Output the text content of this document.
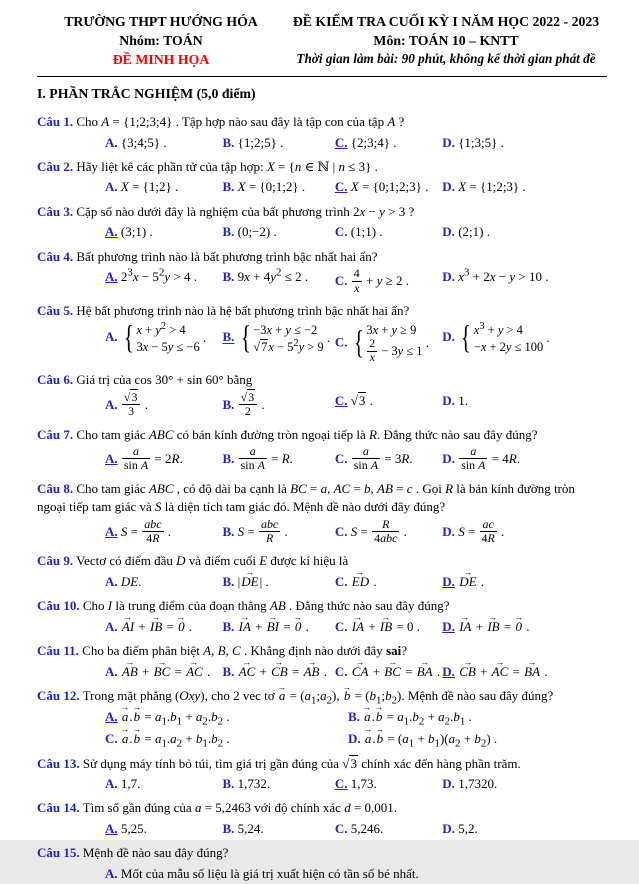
TRƯỜNG THPT HƯỚNG HÓA
Nhóm: TOÁN
ĐỀ MINH HỌA
ĐỀ KIỂM TRA CUỐI KỲ I NĂM HỌC 2022 - 2023
Môn: TOÁN 10 – KNTT
Thời gian làm bài: 90 phút, không kể thời gian phát đề
I. PHẦN TRẮC NGHIỆM (5,0 điểm)
Câu 1. Cho A = {1;2;3;4} . Tập hợp nào sau đây là tập con của tập A ?
A. {3;4;5} .	B. {1;2;5} .	C. {2;3;4} .	D. {1;3;5} .
Câu 2. Hãy liệt kê các phần tử của tập hợp: X = {n ∈ ℕ | n ≤ 3} .
A. X = {1;2} .	B. X = {0;1;2} .	C. X = {0;1;2;3} .	D. X = {1;2;3} .
Câu 3. Cặp số nào dưới đây là nghiệm của bất phương trình 2x − y > 3 ?
A. (3;1) .	B. (0;−2) .	C. (1;1) .	D. (2;1) .
Câu 4. Bất phương trình nào là bất phương trình bậc nhất hai ẩn?
A. $2^3x - 5^2y > 4$ .	B. $9x + 4y^2 \le 2$ .	C. $\frac{4}{x} + y \ge 2$ .	D. $x^3 + 2x - y > 10$ .
Câu 5. Hệ bất phương trình nào là hệ bất phương trình bậc nhất hai ẩn?
A. { $x + y^2 > 4$
3x − 5y ≤ −6
.	B. { −3x + y ≤ −2
$√7x - 5^2y > 9$
. C.
{ 3x + y ≥ 9
$\frac{2}{x} - 3y \le 1$
.	D. { $x^3 + y > 4$
−x + 2y ≤ 100
.
Câu 6. Giá trị của cos 30° + sin 60° bằng
A. $\frac{√3}{3}$ .	B. $\frac{√3}{2}$ .	C. √3 .	D. 1.
Câu 7. Cho tam giác ABC có bán kính đường tròn ngoại tiếp là R. Đẳng thức nào sau đây đúng?
A. $\frac{a}{\text{sin A}} = 2R$.	B. $\frac{a}{\text{sin A}} = R$.	C. $\frac{a}{\text{sin A}} = 3R$.	D. $\frac{a}{\text{sin A}} = 4R$.
Câu 8. Cho tam giác ABC , có độ dài ba cạnh là BC = a, AC = b, AB = c . Gọi R là bán kính đường tròn ngoại tiếp tam giác và S là diện tích tam giác đó. Mệnh đề nào dưới đây đúng?
A. S = abc
4R .	B. S = abc
R .	C. S = R
4abc .	D. $S = \frac{ac}{4R}$ .
Câu 9. Vectơ có điểm đầu D và điểm cuối E được kí hiệu là
A. DE.	B. |DE →| .	C. ED → .	D. DE → .
Câu 10. Cho I là trung điểm của đoạn thẳng AB . Đẳng thức nào sau đây đúng?
A. AI → + IB → = 0 → .	B. IA → + BI → = 0 → .	C. IA → + IB → = 0 .	D. IA → + IB → = 0 → .
Câu 11. Cho ba điểm phân biệt A, B, C . Khẳng định nào dưới đây sai?
A. AB → + BC → = AC → . B. AC → + CB → = AB → . C. CA → + BC → = BA → . D. CB → + AC → = BA → .
Câu 12. Trong mặt phẳng (Oxy), cho 2 vec tơ a → = $(a_1;a_2)$, b → = $(b_1;b_2)$. Mệnh đề nào sau đây đúng?
A. a →.b → = $a_1.b_1 + a_2.b_2$ .	B. a →.b → = $a_1.b_2 + a_2.b_1$ .
C. a →.b → = $a_1.a_2 + b_1.b_2$ .	D. a →.b → = $(a_1 + b_1)(a_2 + b_2)$ .
Câu 13. Sử dụng máy tính bỏ túi, tìm giá trị gần đúng của √3 chính xác đến hàng phần trăm.
A. 1,7.	B. 1,732.	C. 1,73.	D. 1,7320.
Câu 14. Tìm số gần đúng của a = 5,2463 với độ chính xác d = 0,001.
A. 5,25.	B. 5,24.	C. 5,246.	D. 5,2.
Câu 15. Mệnh đề nào sau đây đúng?
A. Mốt của mẫu số liệu là giá trị xuất hiện có tần số bé nhất.
